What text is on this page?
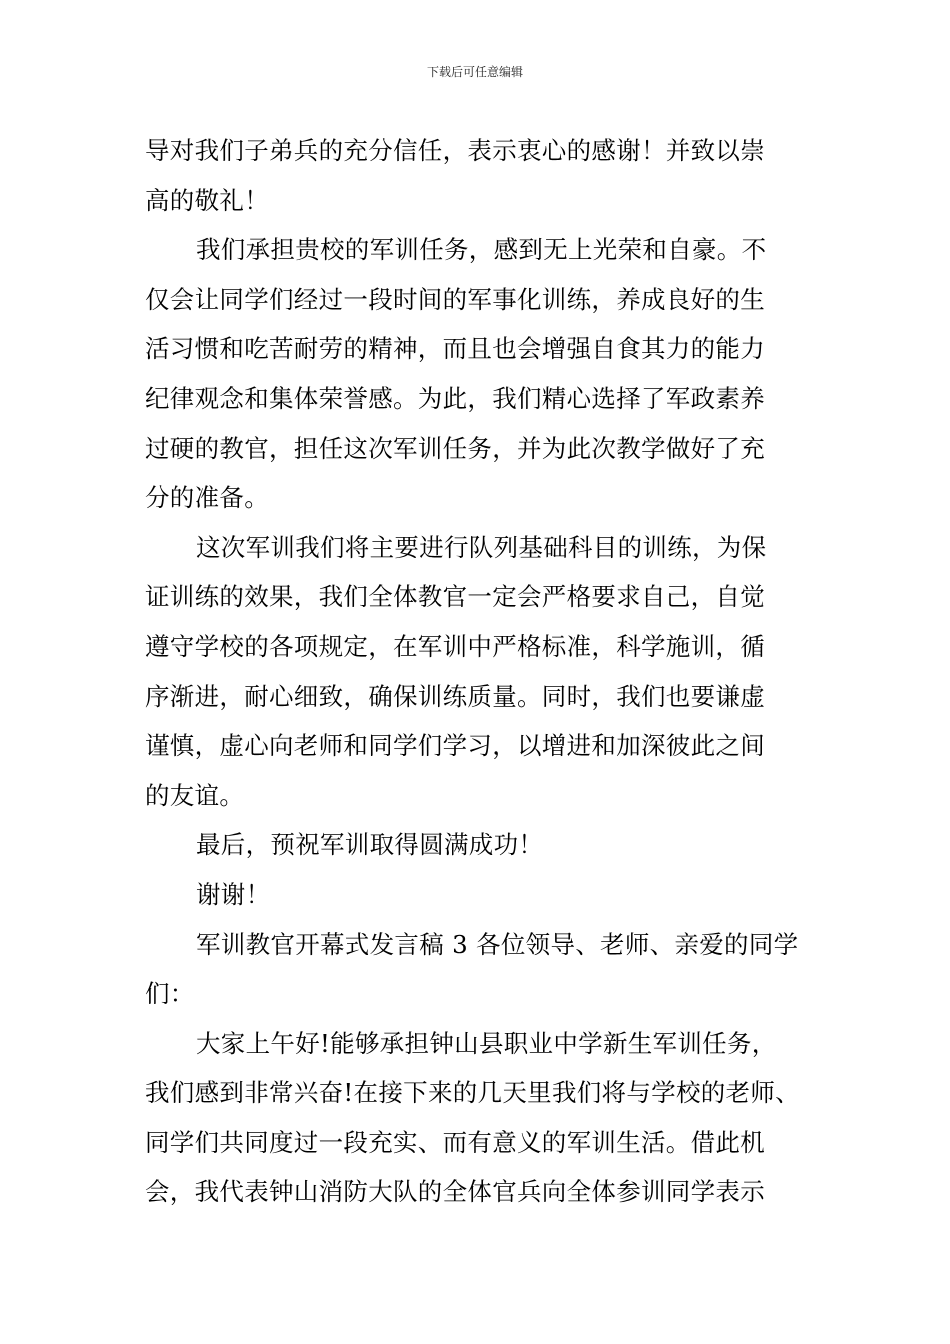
下载后可任意编辑
导对我们子弟兵的充分信任，表示衷心的感谢！并致以崇
高的敬礼！
我们承担贵校的军训任务，感到无上光荣和自豪。不
仅会让同学们经过一段时间的军事化训练，养成良好的生
活习惯和吃苦耐劳的精神，而且也会增强自食其力的能力
纪律观念和集体荣誉感。为此，我们精心选择了军政素养
过硬的教官，担任这次军训任务，并为此次教学做好了充
分的准备。
这次军训我们将主要进行队列基础科目的训练，为保
证训练的效果，我们全体教官一定会严格要求自己，自觉
遵守学校的各项规定，在军训中严格标准，科学施训，循
序渐进，耐心细致，确保训练质量。同时，我们也要谦虚
谨慎，虚心向老师和同学们学习，以增进和加深彼此之间
的友谊。
最后，预祝军训取得圆满成功！
谢谢！
军训教官开幕式发言稿 3 各位领导、老师、亲爱的同学
们：
大家上午好!能够承担钟山县职业中学新生军训任务，
我们感到非常兴奋!在接下来的几天里我们将与学校的老师、
同学们共同度过一段充实、而有意义的军训生活。借此机
会，我代表钟山消防大队的全体官兵向全体参训同学表示
